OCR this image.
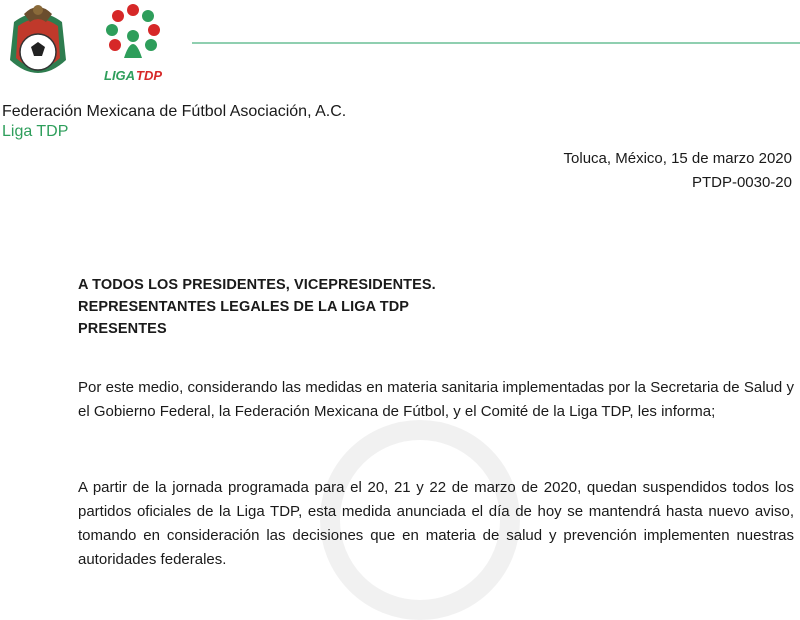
LIGA TDP
Federación Mexicana de Fútbol Asociación, A.C.
Liga TDP
Toluca, México, 15 de marzo 2020
PTDP-0030-20
A TODOS LOS PRESIDENTES, VICEPRESIDENTES.
REPRESENTANTES LEGALES DE LA LIGA TDP
PRESENTES
Por este medio, considerando las medidas en materia sanitaria implementadas por la Secretaria de Salud y el Gobierno Federal, la Federación Mexicana de Fútbol, y el Comité de la Liga TDP, les informa;
A partir de la jornada programada para el 20, 21 y 22 de marzo de 2020, quedan suspendidos todos los partidos oficiales de la Liga TDP, esta medida anunciada el día de hoy se mantendrá hasta nuevo aviso, tomando en consideración las decisiones que en materia de salud y prevención implementen nuestras autoridades federales.
